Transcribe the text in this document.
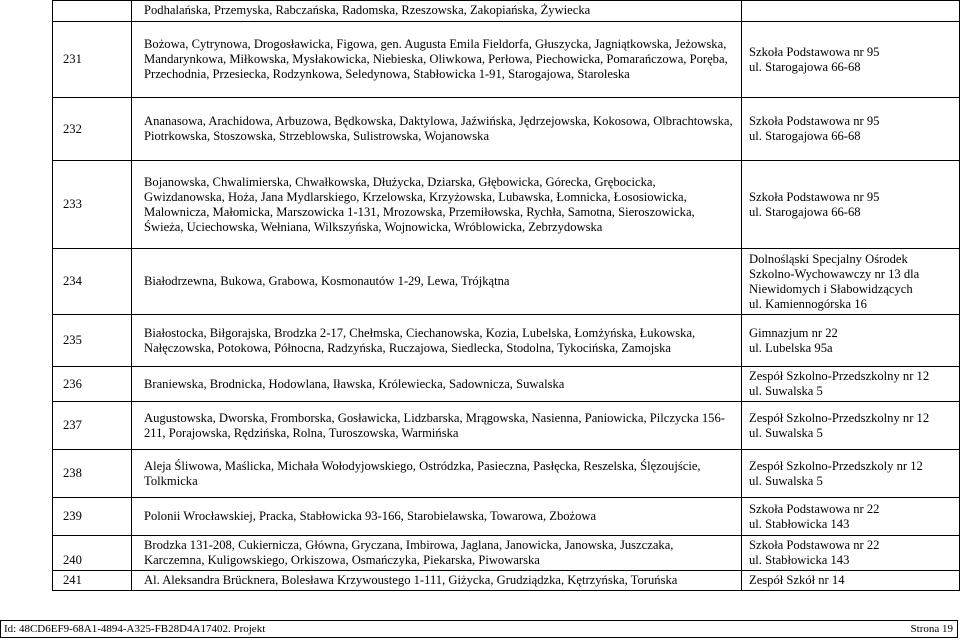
	Podhalańska, Przemyska, Rabczańska, Radomska, Rzeszowska, Zakopiańska, Żywiecka	
231	Bożowa, Cytrynowa, Drogosławicka, Figowa, gen. Augusta Emila Fieldorfa, Głuszycka, Jagniątkowska, Jeżowska, Mandarynkowa, Miłkowska, Mysłakowicka, Niebieska, Oliwkowa, Perłowa, Piechowicka, Pomarańczowa, Poręba, Przechodnia, Przesiecka, Rodzynkowa, Seledynowa, Stabłowicka 1-91, Starogajowa, Staroleska	Szkoła Podstawowa nr 95
ul. Starogajowa 66-68

232	Ananasowa, Arachidowa, Arbuzowa, Będkowska, Daktylowa, Jaźwińska, Jędrzejowska, Kokosowa, Olbrachtowska, Piotrkowska, Stoszowska, Strzeblowska, Sulistrowska, Wojanowska	Szkoła Podstawowa nr 95
ul. Starogajowa 66-68

233	Bojanowska, Chwalimierska, Chwałkowska, Dłużycka, Dziarska, Głębowicka, Górecka, Grębocicka, Gwizdanowska, Hoża, Jana Mydlarskiego, Krzelowska, Krzyżowska, Lubawska, Łomnicka, Łososiowicka, Malownicza, Małomicka, Marszowicka 1-131, Mrozowska, Przemiłowska, Rychła, Samotna, Sieroszowicka, Świeża, Uciechowska, Wełniana, Wilkszyńska, Wojnowicka, Wróblowicka, Zebrzydowska	Szkoła Podstawowa nr 95
ul. Starogajowa 66-68

234	Białodrzewna, Bukowa, Grabowa, Kosmonautów 1-29, Lewa, Trójkątna	Dolnośląski Specjalny Ośrodek
Szkolno-Wychowawczy nr 13 dla
Niewidomych i Słabowidzących
ul. Kamiennogórska 16

235	Białostocka, Biłgorajska, Brodzka 2-17, Chełmska, Ciechanowska, Kozia, Lubelska, Łomżyńska, Łukowska, Nałęczowska, Potokowa, Północna, Radzyńska, Ruczajowa, Siedlecka, Stodolna, Tykocińska, Zamojska	Gimnazjum nr 22
ul. Lubelska 95a

236	Braniewska, Brodnicka, Hodowlana, Iławska, Królewiecka, Sadowniczа, Suwalska	Zespół Szkolno-Przedszkolny nr 12
ul. Suwalska 5

237	Augustowska, Dworska, Fromborska, Gosławicka, Lidzbarska, Mrągowska, Nasienna, Paniowicka, Pilczycka 156-211, Porajowska, Rędzińska, Rolna, Turoszowska, Warmińska	Zespół Szkolno-Przedszkolny nr 12
ul. Suwalska 5

238	Aleja Śliwowa, Maślicka, Michała Wołodyjowskiego, Ostródzka, Pasieczna, Pasłęcka, Reszelska, Ślęzoujście, Tolkmicka	Zespół Szkolno-Przedszkoly nr 12
ul. Suwalska 5

239	Polonii Wrocławskiej, Pracka, Stabłowicka 93-166, Starobielawska, Towarowa, Zbożowa	Szkoła Podstawowa nr 22
ul. Stabłowicka 143

240	Brodzka 131-208, Cukiernicza, Główna, Gryczana, Imbirowa, Jaglana, Janowicka, Janowska, Juszczaka, Karczemna, Kuligowskiego, Orkiszowa, Osmańczyka, Piekarska, Piwowarska	Szkoła Podstawowa nr 22
ul. Stabłowicka 143

241	Al. Aleksandra Brücknera, Bolesława Krzywoustego 1-111, Giżycka, Grudziądzka, Kętrzyńska, Toruńska	Zespół Szkół nr 14
Id: 48CD6EF9-68A1-4894-A325-FB28D4A17402. Projekt	Strona 19
